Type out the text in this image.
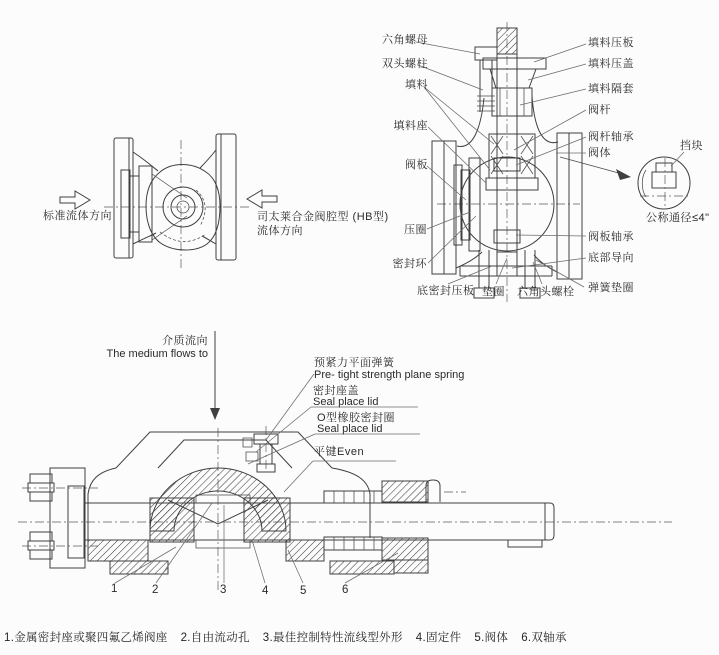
标准流体方向	司太莱合金阀腔型 (HB型)
流体方向
六角螺母
双头螺柱
填料
填料座
阀板
压圈
密封环
底密封压板 垫圈 六角头螺栓
填料压板
填料压盖
填料隔套
阀杆
阀杆轴承
阀体
阀板轴承
底部导向
弹簧垫圈
挡块
公称通径≤4"
介质流向
The medium flows to
预紧力平面弹簧
Pre- tight strength plane spring
密封座盖
Seal place lid
O型橡胶密封圈
Seal place lid
平键Even
1	2	3	4	5	6
1.金属密封座或聚四氟乙烯阀座 2.自由流动孔 3.最佳控制特性流线型外形 4.固定件 5.阀体 6.双轴承
